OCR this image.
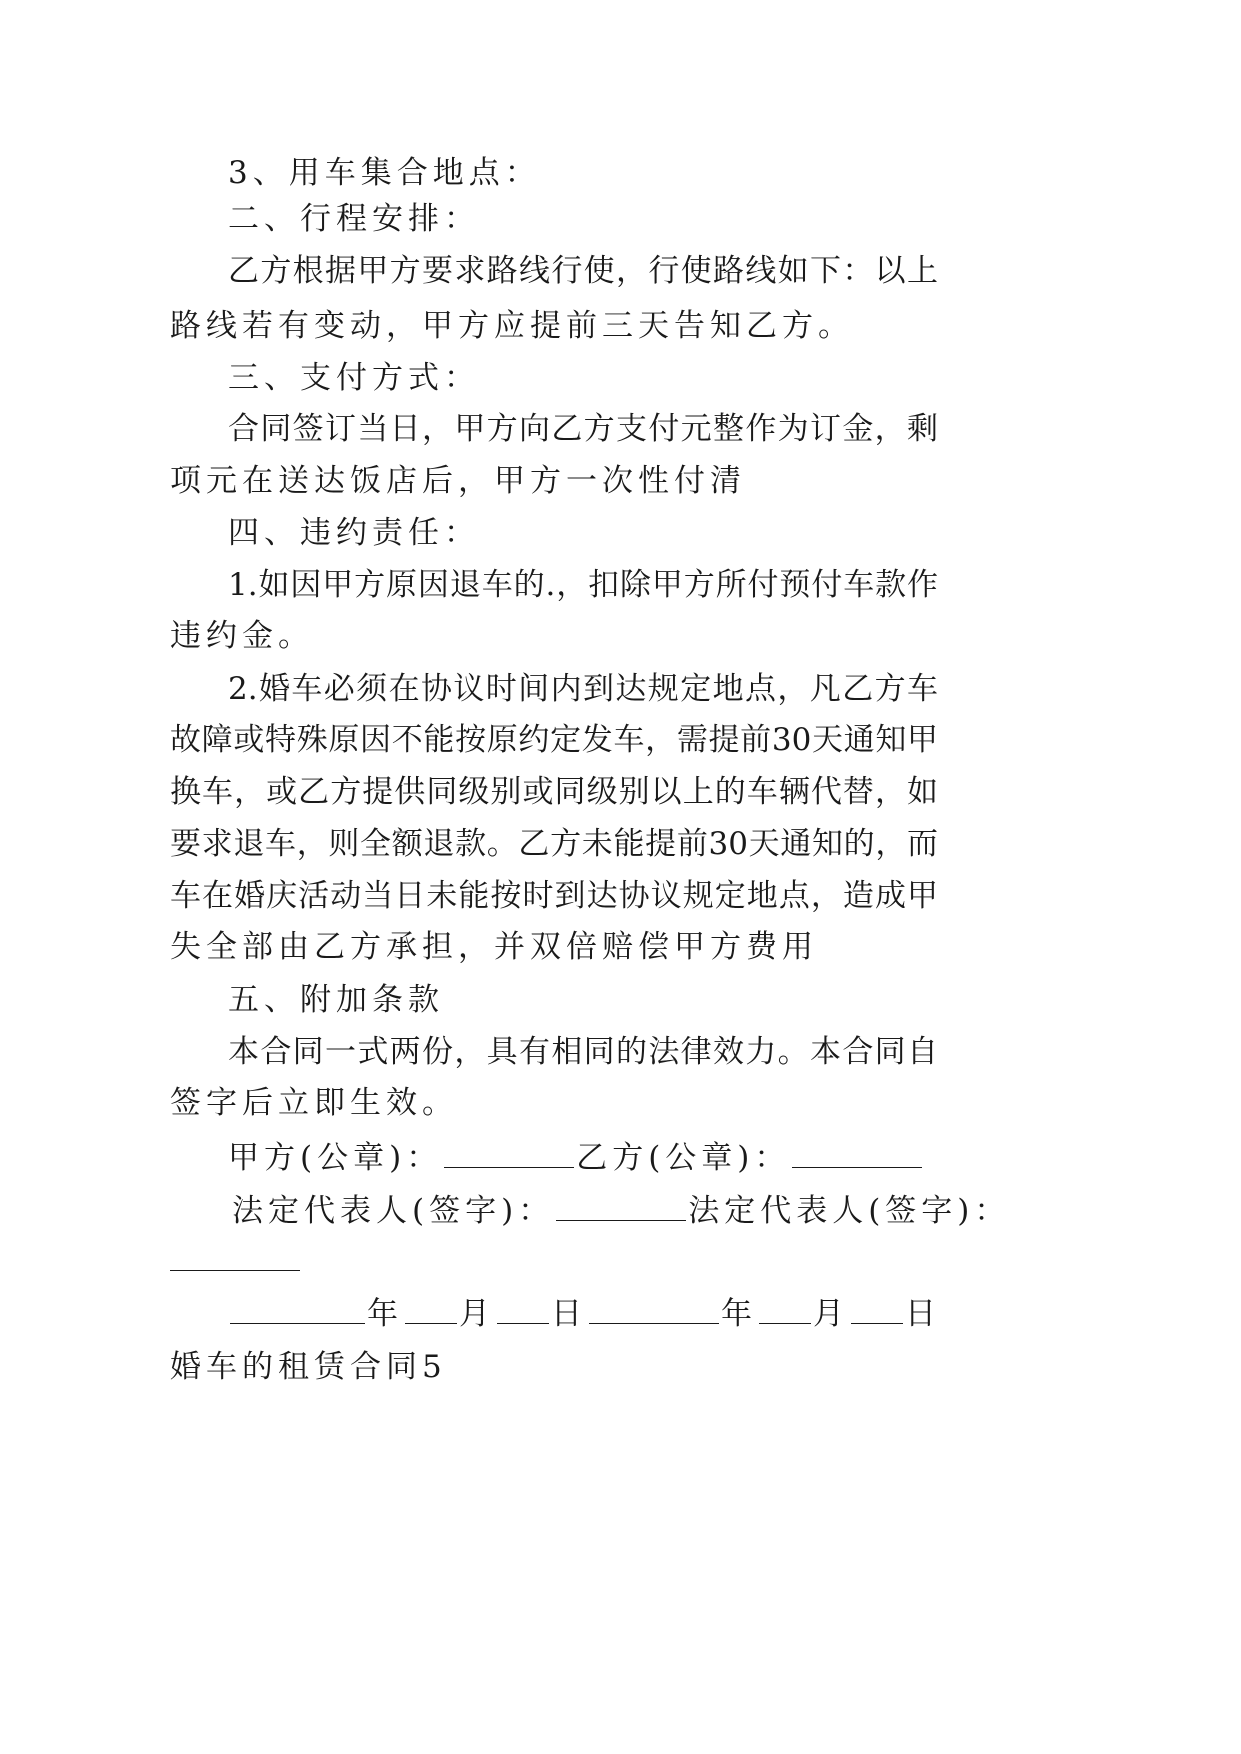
3、用车集合地点：
二、行程安排：
乙方根据甲方要求路线行使，行使路线如下：以上
路线若有变动，甲方应提前三天告知乙方。
三、支付方式：
合同签订当日，甲方向乙方支付元整作为订金，剩
项元在送达饭店后，甲方一次性付清
四、违约责任：
1.如因甲方原因退车的.，扣除甲方所付预付车款作
违约金。
2.婚车必须在协议时间内到达规定地点，凡乙方车
故障或特殊原因不能按原约定发车，需提前30天通知甲
换车，或乙方提供同级别或同级别以上的车辆代替，如
要求退车，则全额退款。乙方未能提前30天通知的，而
车在婚庆活动当日未能按时到达协议规定地点，造成甲
失全部由乙方承担，并双倍赔偿甲方费用
五、附加条款
本合同一式两份，具有相同的法律效力。本合同自
签字后立即生效。
甲方(公章)：	乙方(公章)：
法定代表人(签字)：	法定代表人(签字)：
年 月 日	年 月 日
婚车的租赁合同5
